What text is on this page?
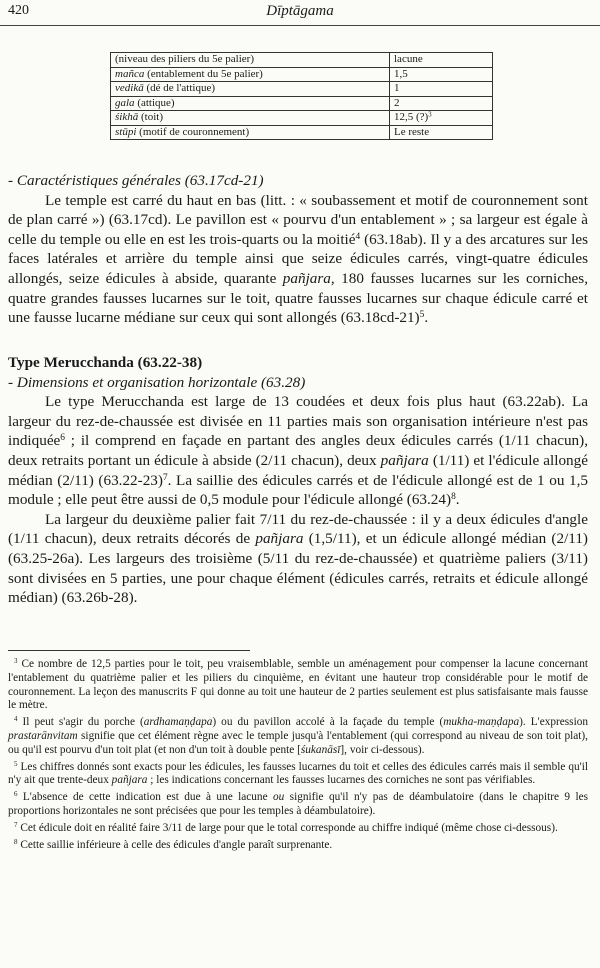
420	Dīptāgama
(niveau des piliers du 5e palier)	lacune
mañca (entablement du 5e palier)	1,5
vedikā (dé de l'attique)	1
gala (attique)	2
śikhā (toit)	12,5 (?)$^3$
stūpi (motif de couronnement)	Le reste
- Caractéristiques générales (63.17cd-21)

Le temple est carré du haut en bas (litt. : « soubassement et motif de couronnement sont de plan carré ») (63.17cd). Le pavillon est « pourvu d'un entablement » ; sa largeur est égale à celle du temple ou elle en est les trois-quarts ou la moitié$^4$ (63.18ab). Il y a des arcatures sur les faces latérales et arrière du temple ainsi que seize édicules carrés, vingt-quatre édicules allongés, seize édicules à abside, quarante pañjara, 180 fausses lucarnes sur les corniches, quatre grandes fausses lucarnes sur le toit, quatre fausses lucarnes sur chaque édicule carré et une fausse lucarne médiane sur ceux qui sont allongés $(63.18cd-21)^5$.

Type Merucchanda (63.22-38)
- Dimensions et organisation horizontale (63.28)

Le type Merucchanda est large de 13 coudées et deux fois plus haut (63.22ab). La largeur du rez-de-chaussée est divisée en 11 parties mais son organisation intérieure n'est pas indiquée$^6$ ; il comprend en façade en partant des angles deux édicules carrés (1/11 chacun), deux retraits portant un édicule à abside (2/11 chacun), deux pañjara (1/11) et l'édicule allongé médian (2/11) $(63.22-23)^7$. La saillie des édicules carrés et de l'édicule allongé est de 1 ou 1,5 module ; elle peut être aussi de 0,5 module pour l'édicule allongé $(63.24)^8$.

La largeur du deuxième palier fait 7/11 du rez-de-chaussée : il y a deux édicules d'angle (1/11 chacun), deux retraits décorés de pañjara (1,5/11), et un édicule allongé médian (2/11) (63.25-26a). Les largeurs des troisième (5/11 du rez-de-chaussée) et quatrième paliers (3/11) sont divisées en 5 parties, une pour chaque élément (édicules carrés, retraits et édicule allongé médian) (63.26b-28).

$^3$ Ce nombre de 12,5 parties pour le toit, peu vraisemblable, semble un aménagement pour compenser la lacune concernant l'entablement du quatrième palier et les piliers du cinquième, en évitant une hauteur trop considérable pour le motif de couronnement. La leçon des manuscrits F qui donne au toit une hauteur de 2 parties seulement est plus satisfaisante mais fausse le mètre.

$^4$ Il peut s'agir du porche (ardhamaṇḍapa) ou du pavillon accolé à la façade du temple (mukha-maṇḍapa). L'expression prastarānvitam signifie que cet élément règne avec le temple jusqu'à l'entablement (qui correspond au niveau de son toit plat), ou qu'il est pourvu d'un toit plat (et non d'un toit à double pente [śukanāsī], voir ci-dessous).

$^5$ Les chiffres donnés sont exacts pour les édicules, les fausses lucarnes du toit et celles des édicules carrés mais il semble qu'il n'y ait que trente-deux pañjara ; les indications concernant les fausses lucarnes des corniches ne sont pas vérifiables.

$^6$ L'absence de cette indication est due à une lacune ou signifie qu'il n'y pas de déambulatoire (dans le chapitre 9 les proportions horizontales ne sont précisées que pour les temples à déambulatoire).

$^7$ Cet édicule doit en réalité faire 3/11 de large pour que le total corresponde au chiffre indiqué (même chose ci-dessous).

$^8$ Cette saillie inférieure à celle des édicules d'angle paraît surprenante.
